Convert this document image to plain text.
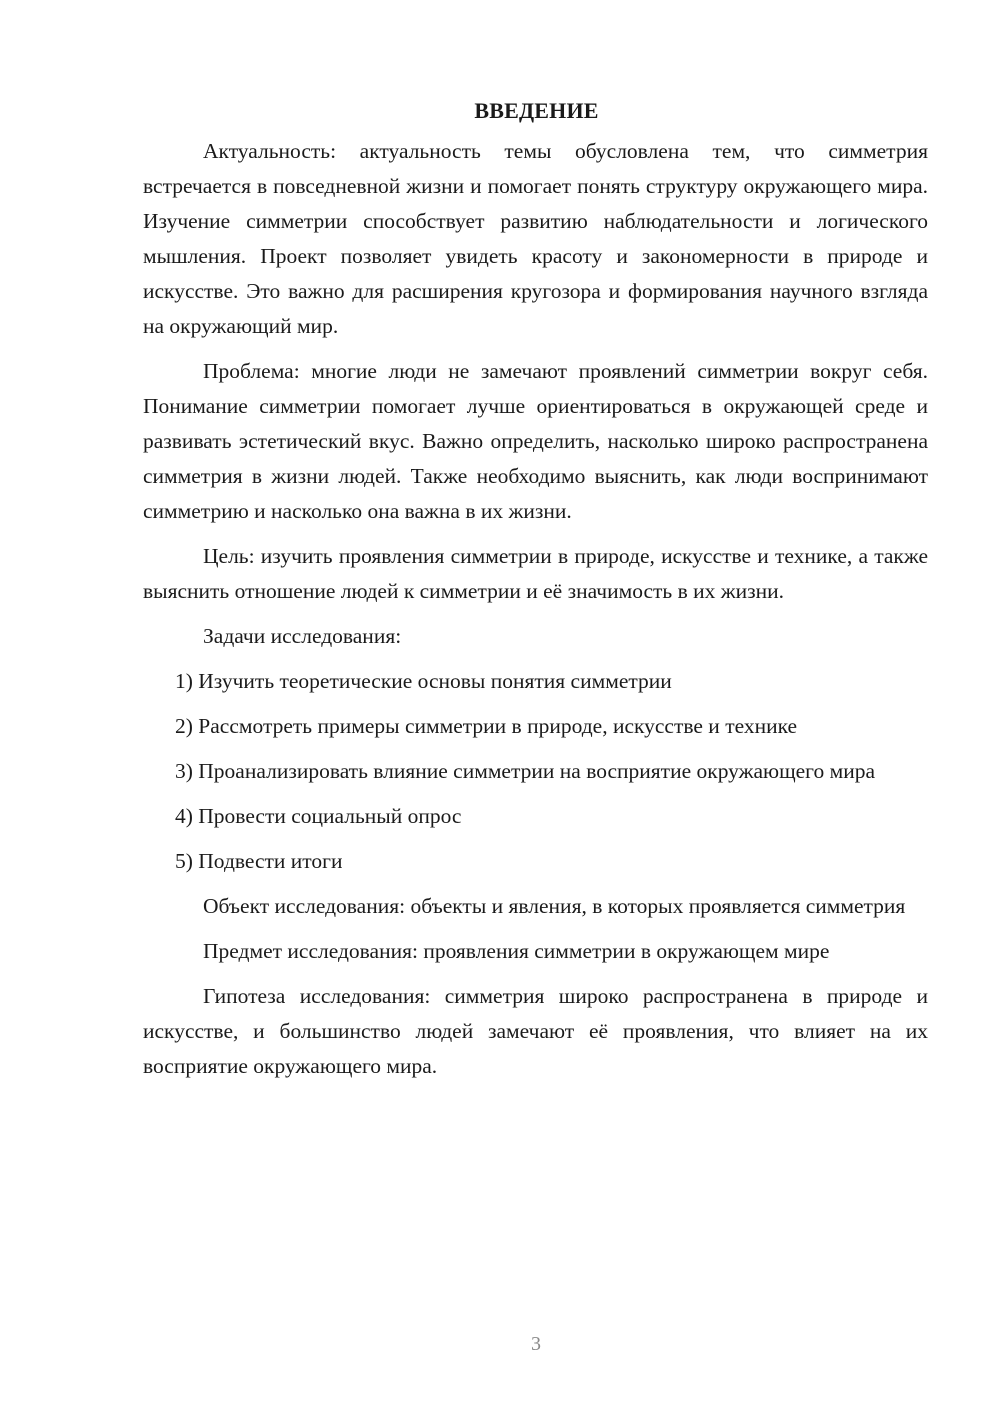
ВВЕДЕНИЕ

Актуальность: актуальность темы обусловлена тем, что симметрия встречается в повседневной жизни и помогает понять структуру окружающего мира. Изучение симметрии способствует развитию наблюдательности и логического мышления. Проект позволяет увидеть красоту и закономерности в природе и искусстве. Это важно для расширения кругозора и формирования научного взгляда на окружающий мир.

Проблема: многие люди не замечают проявлений симметрии вокруг себя. Понимание симметрии помогает лучше ориентироваться в окружающей среде и развивать эстетический вкус. Важно определить, насколько широко распространена симметрия в жизни людей. Также необходимо выяснить, как люди воспринимают симметрию и насколько она важна в их жизни.

Цель: изучить проявления симметрии в природе, искусстве и технике, а также выяснить отношение людей к симметрии и её значимость в их жизни.

Задачи исследования:

1) Изучить теоретические основы понятия симметрии
2) Рассмотреть примеры симметрии в природе, искусстве и технике
3) Проанализировать влияние симметрии на восприятие окружающего мира
4) Провести социальный опрос
5) Подвести итоги

Объект исследования: объекты и явления, в которых проявляется симметрия

Предмет исследования: проявления симметрии в окружающем мире

Гипотеза исследования: симметрия широко распространена в природе и искусстве, и большинство людей замечают её проявления, что влияет на их восприятие окружающего мира.

3
